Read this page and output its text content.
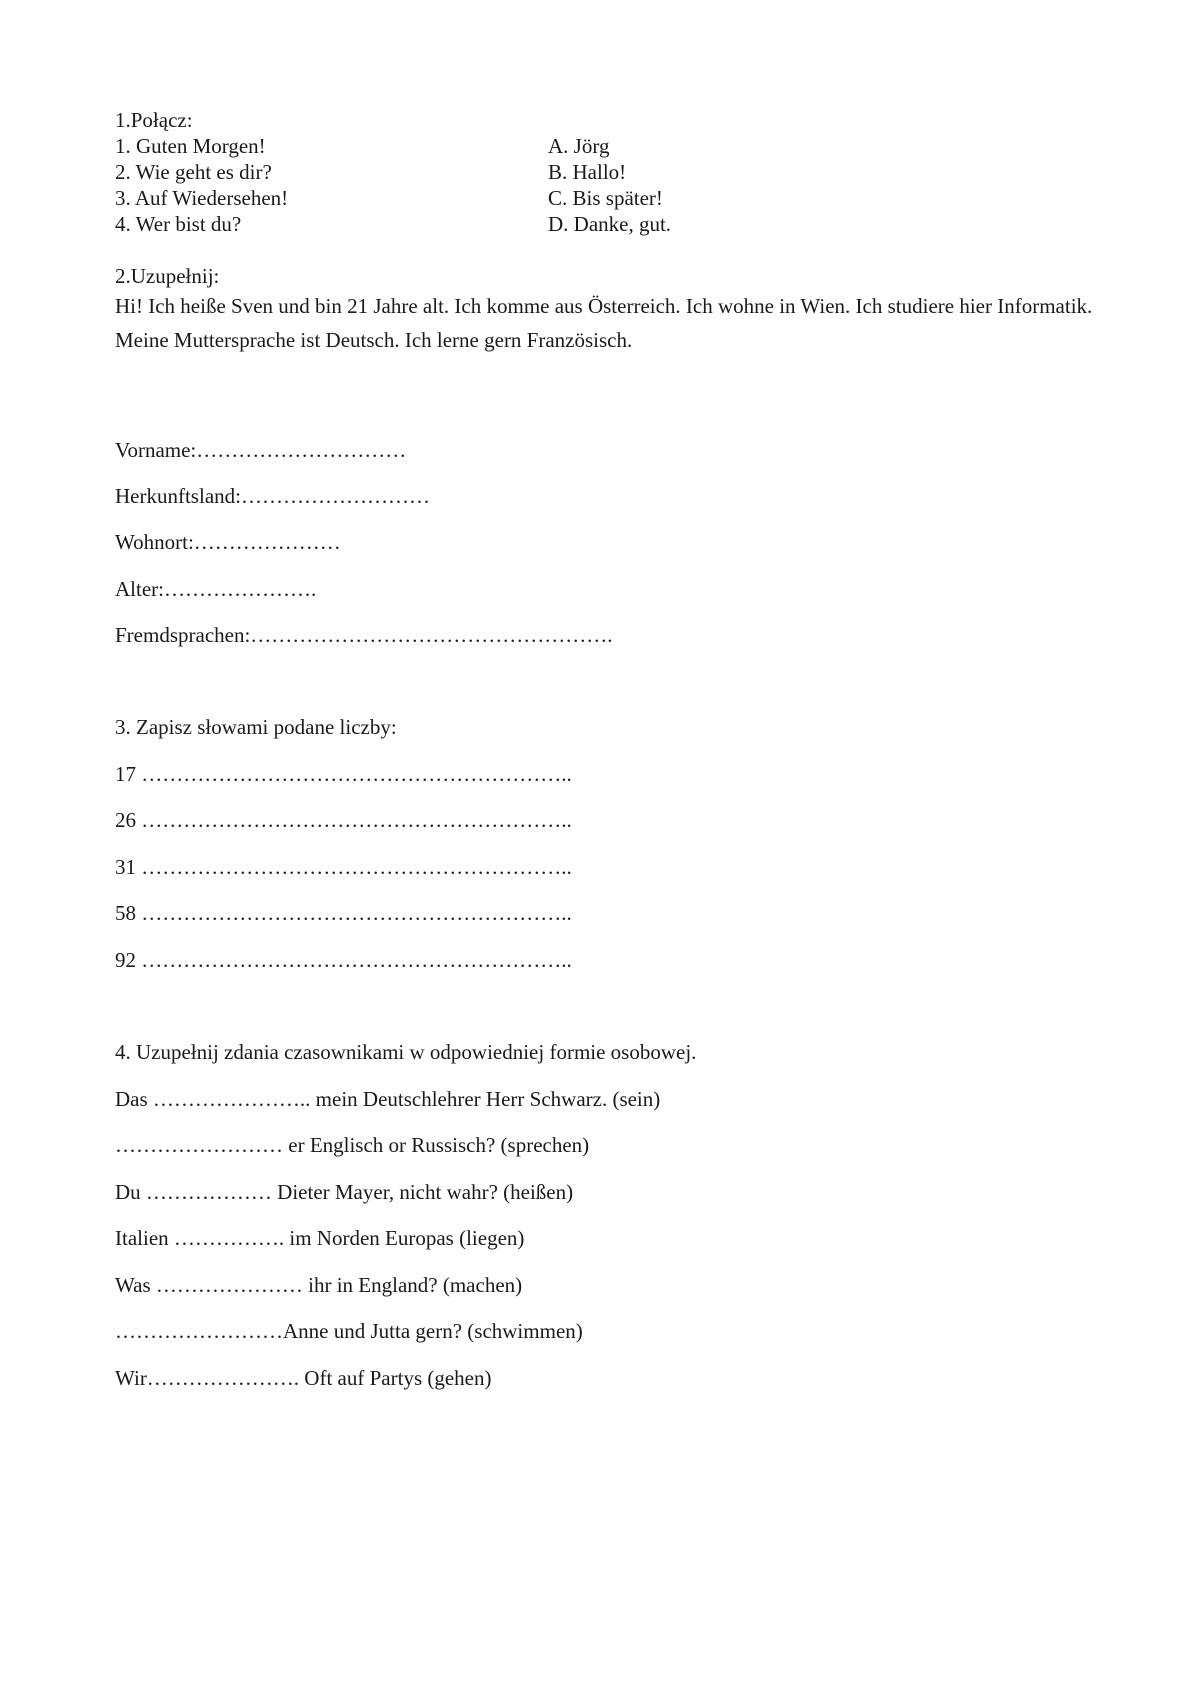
1.Połącz:
1. Guten Morgen!
2. Wie geht es dir?
3. Auf Wiedersehen!
4. Wer bist du?
A. Jörg
B. Hallo!
C. Bis später!
D. Danke, gut.
2.Uzupełnij:
Hi! Ich heiße Sven und bin 21 Jahre alt. Ich komme aus Österreich. Ich wohne in Wien. Ich studiere hier Informatik. Meine Muttersprache ist Deutsch. Ich lerne gern Französisch.
Vorname:…………………………
Herkunftsland:………………………
Wohnort:…………………
Alter:………………….
Fremdsprachen:…………………………………………….
3. Zapisz słowami podane liczby:
17 ……………………………………………………..
26 ……………………………………………………..
31 ……………………………………………………..
58 ……………………………………………………..
92 ……………………………………………………..
4. Uzupełnij zdania czasownikami w odpowiedniej formie osobowej.
Das ………………….. mein Deutschlehrer Herr Schwarz. (sein)
…………………… er Englisch or Russisch? (sprechen)
Du ……………… Dieter Mayer, nicht wahr? (heißen)
Italien ……………. im Norden Europas (liegen)
Was ………………… ihr in England? (machen)
……………………Anne und Jutta gern? (schwimmen)
Wir…………………. Oft auf Partys (gehen)
